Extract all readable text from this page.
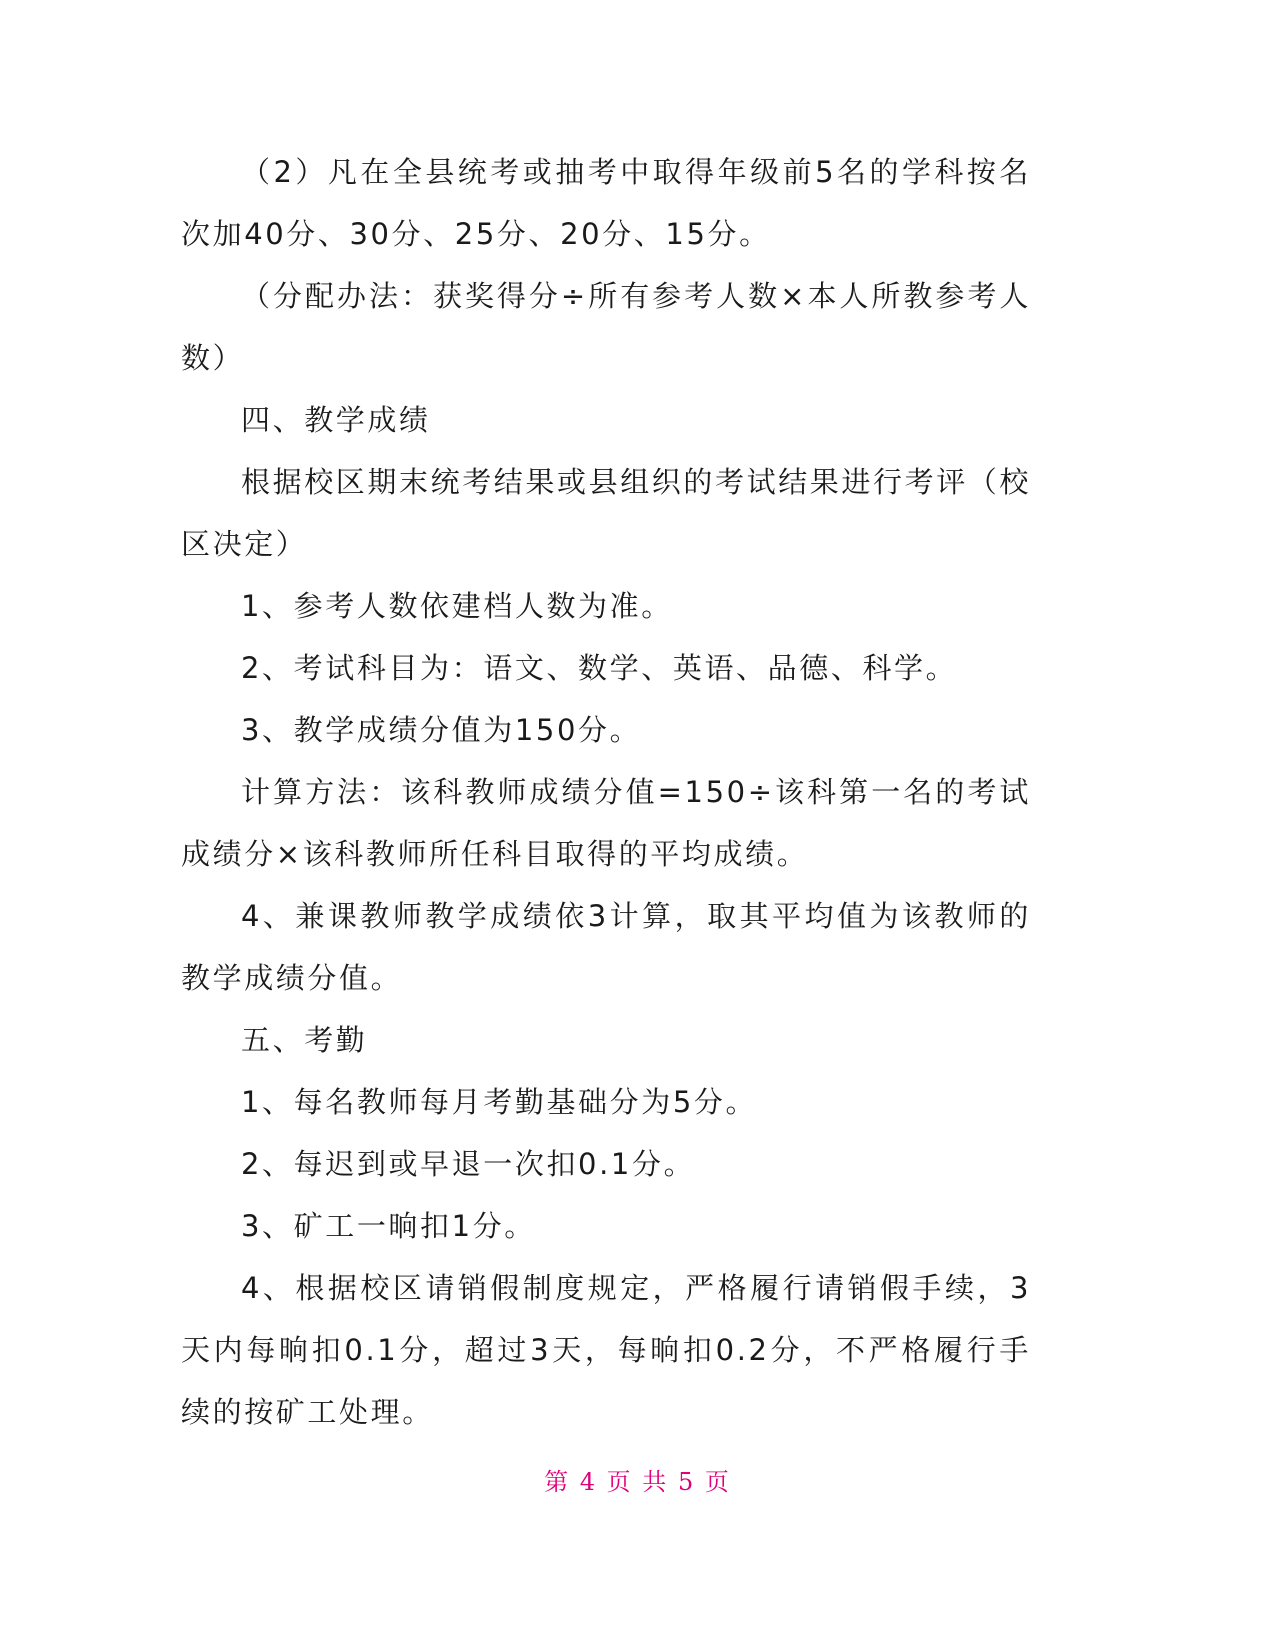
（2）凡在全县统考或抽考中取得年级前5名的学科按名次加40分、30分、25分、20分、15分。

（分配办法：获奖得分÷所有参考人数×本人所教参考人数）

四、教学成绩

根据校区期末统考结果或县组织的考试结果进行考评（校区决定）

1、参考人数依建档人数为准。

2、考试科目为：语文、数学、英语、品德、科学。

3、教学成绩分值为150分。

计算方法：该科教师成绩分值=150÷该科第一名的考试成绩分×该科教师所任科目取得的平均成绩。

4、兼课教师教学成绩依3计算，取其平均值为该教师的教学成绩分值。

五、考勤

1、每名教师每月考勤基础分为5分。

2、每迟到或早退一次扣0.1分。

3、矿工一晌扣1分。

4、根据校区请销假制度规定，严格履行请销假手续，3天内每晌扣0.1分，超过3天，每晌扣0.2分，不严格履行手续的按矿工处理。

第 4 页 共 5 页
